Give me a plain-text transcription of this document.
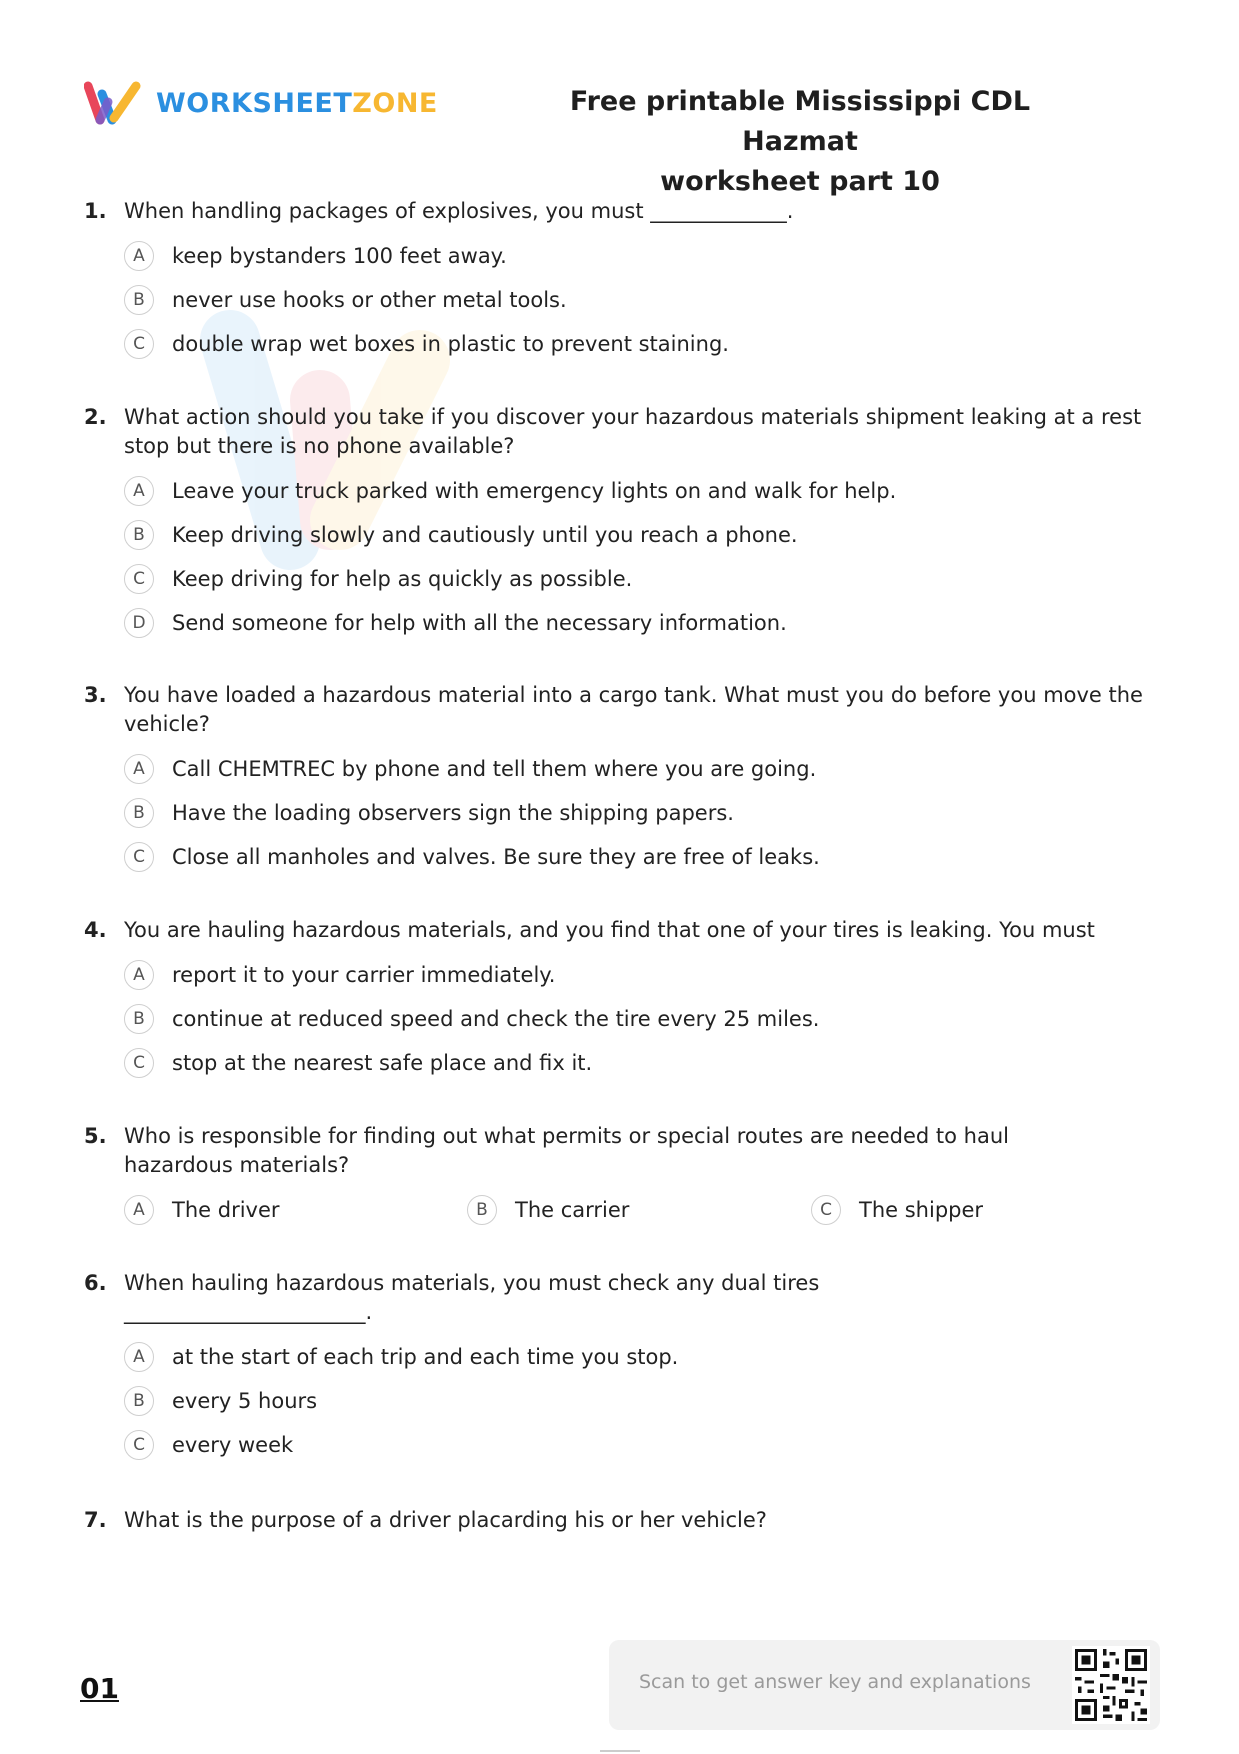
WORKSHEETZONE	Free printable Mississippi CDL Hazmat
worksheet part 10
1. When handling packages of explosives, you must _____________.
A	keep bystanders 100 feet away.
B	never use hooks or other metal tools.
C	double wrap wet boxes in plastic to prevent staining.
2. What action should you take if you discover your hazardous materials shipment leaking at a rest stop but there is no phone available?
A	Leave your truck parked with emergency lights on and walk for help.
B	Keep driving slowly and cautiously until you reach a phone.
C	Keep driving for help as quickly as possible.
D	Send someone for help with all the necessary information.
3. You have loaded a hazardous material into a cargo tank. What must you do before you move the vehicle?
A	Call CHEMTREC by phone and tell them where you are going.
B	Have the loading observers sign the shipping papers.
C	Close all manholes and valves. Be sure they are free of leaks.
4. You are hauling hazardous materials, and you find that one of your tires is leaking. You must
A	report it to your carrier immediately.
B	continue at reduced speed and check the tire every 25 miles.
C	stop at the nearest safe place and fix it.
5. Who is responsible for finding out what permits or special routes are needed to haul hazardous materials?
A	The driver	B	The carrier	C	The shipper
6. When hauling hazardous materials, you must check any dual tires _______________________.
A	at the start of each trip and each time you stop.
B	every 5 hours
C	every week
7. What is the purpose of a driver placarding his or her vehicle?
01	Scan to get answer key and explanations
